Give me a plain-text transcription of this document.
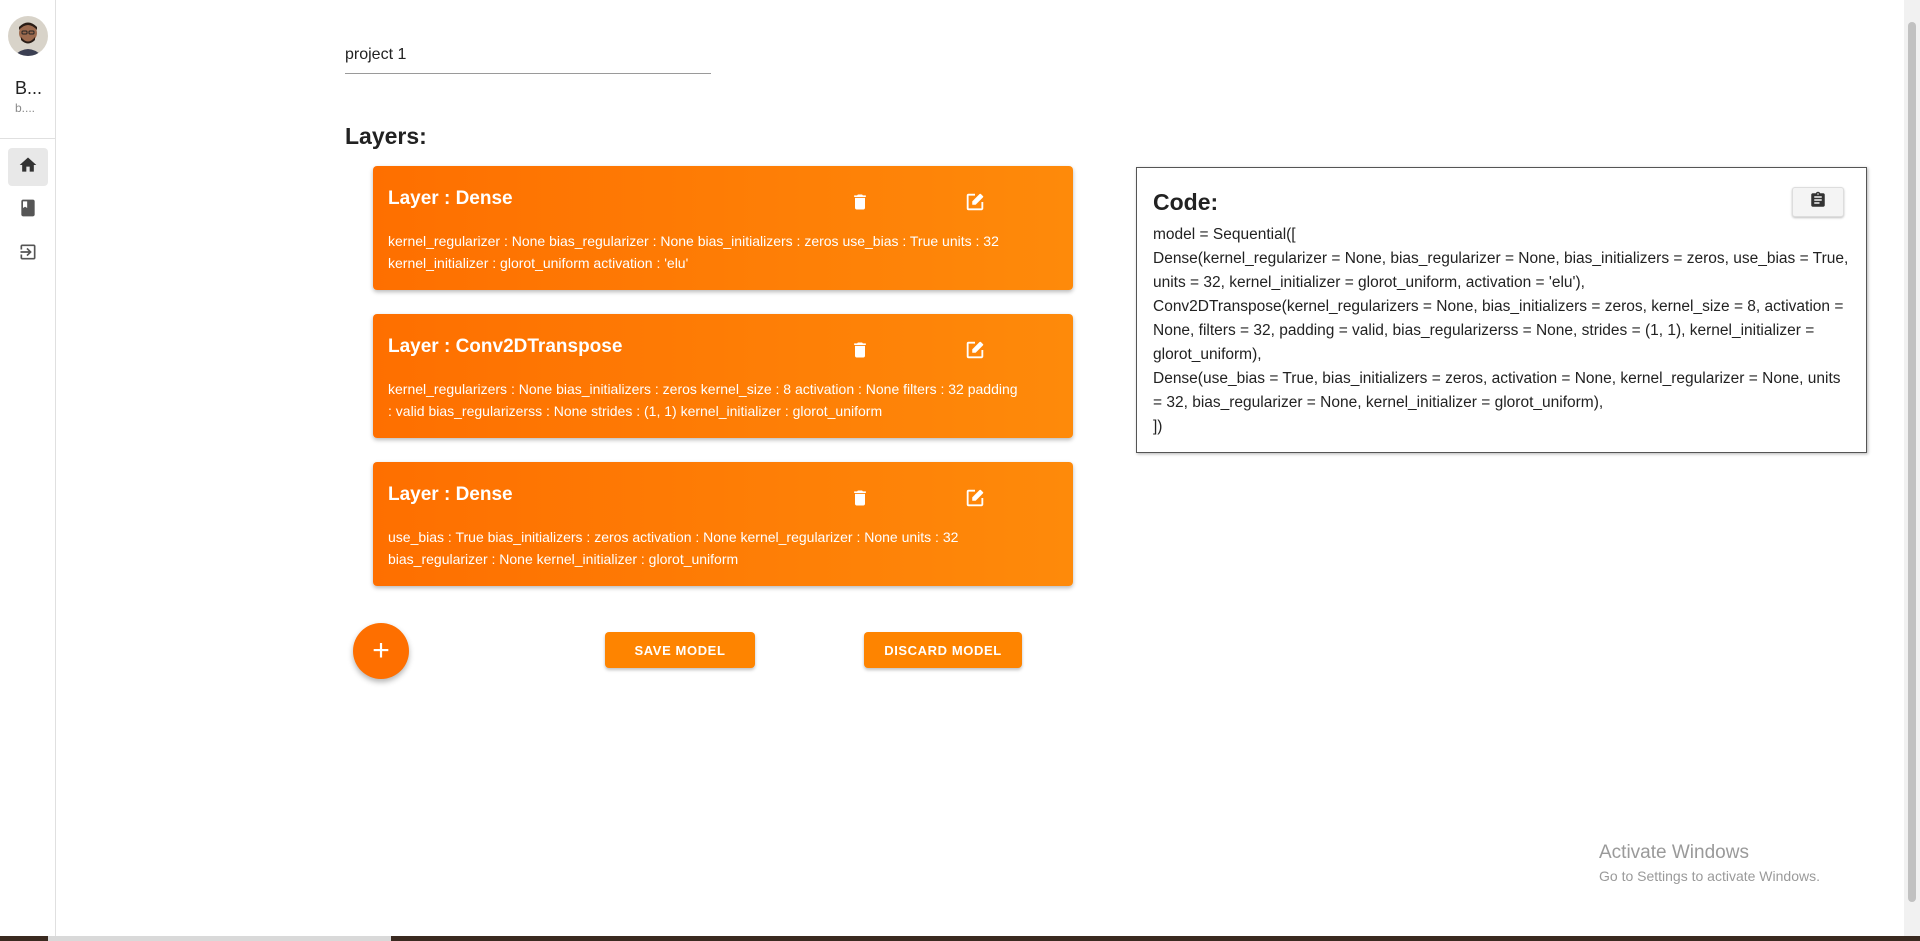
B...
b....
project 1
Layers:
Layer : Dense
kernel_regularizer : None bias_regularizer : None bias_initializers : zeros use_bias : True units : 32 kernel_initializer : glorot_uniform activation : 'elu'
Layer : Conv2DTranspose
kernel_regularizers : None bias_initializers : zeros kernel_size : 8 activation : None filters : 32 padding : valid bias_regularizerss : None strides : (1, 1) kernel_initializer : glorot_uniform
Layer : Dense
use_bias : True bias_initializers : zeros activation : None kernel_regularizer : None units : 32 bias_regularizer : None kernel_initializer : glorot_uniform
+	SAVE MODEL	DISCARD MODEL
Code:
model = Sequential([
Dense(kernel_regularizer = None, bias_regularizer = None, bias_initializers = zeros, use_bias = True, units = 32, kernel_initializer = glorot_uniform, activation = 'elu'),
Conv2DTranspose(kernel_regularizers = None, bias_initializers = zeros, kernel_size = 8, activation = None, filters = 32, padding = valid, bias_regularizerss = None, strides = (1, 1), kernel_initializer = glorot_uniform),
Dense(use_bias = True, bias_initializers = zeros, activation = None, kernel_regularizer = None, units = 32, bias_regularizer = None, kernel_initializer = glorot_uniform),
])
Activate Windows
Go to Settings to activate Windows.
